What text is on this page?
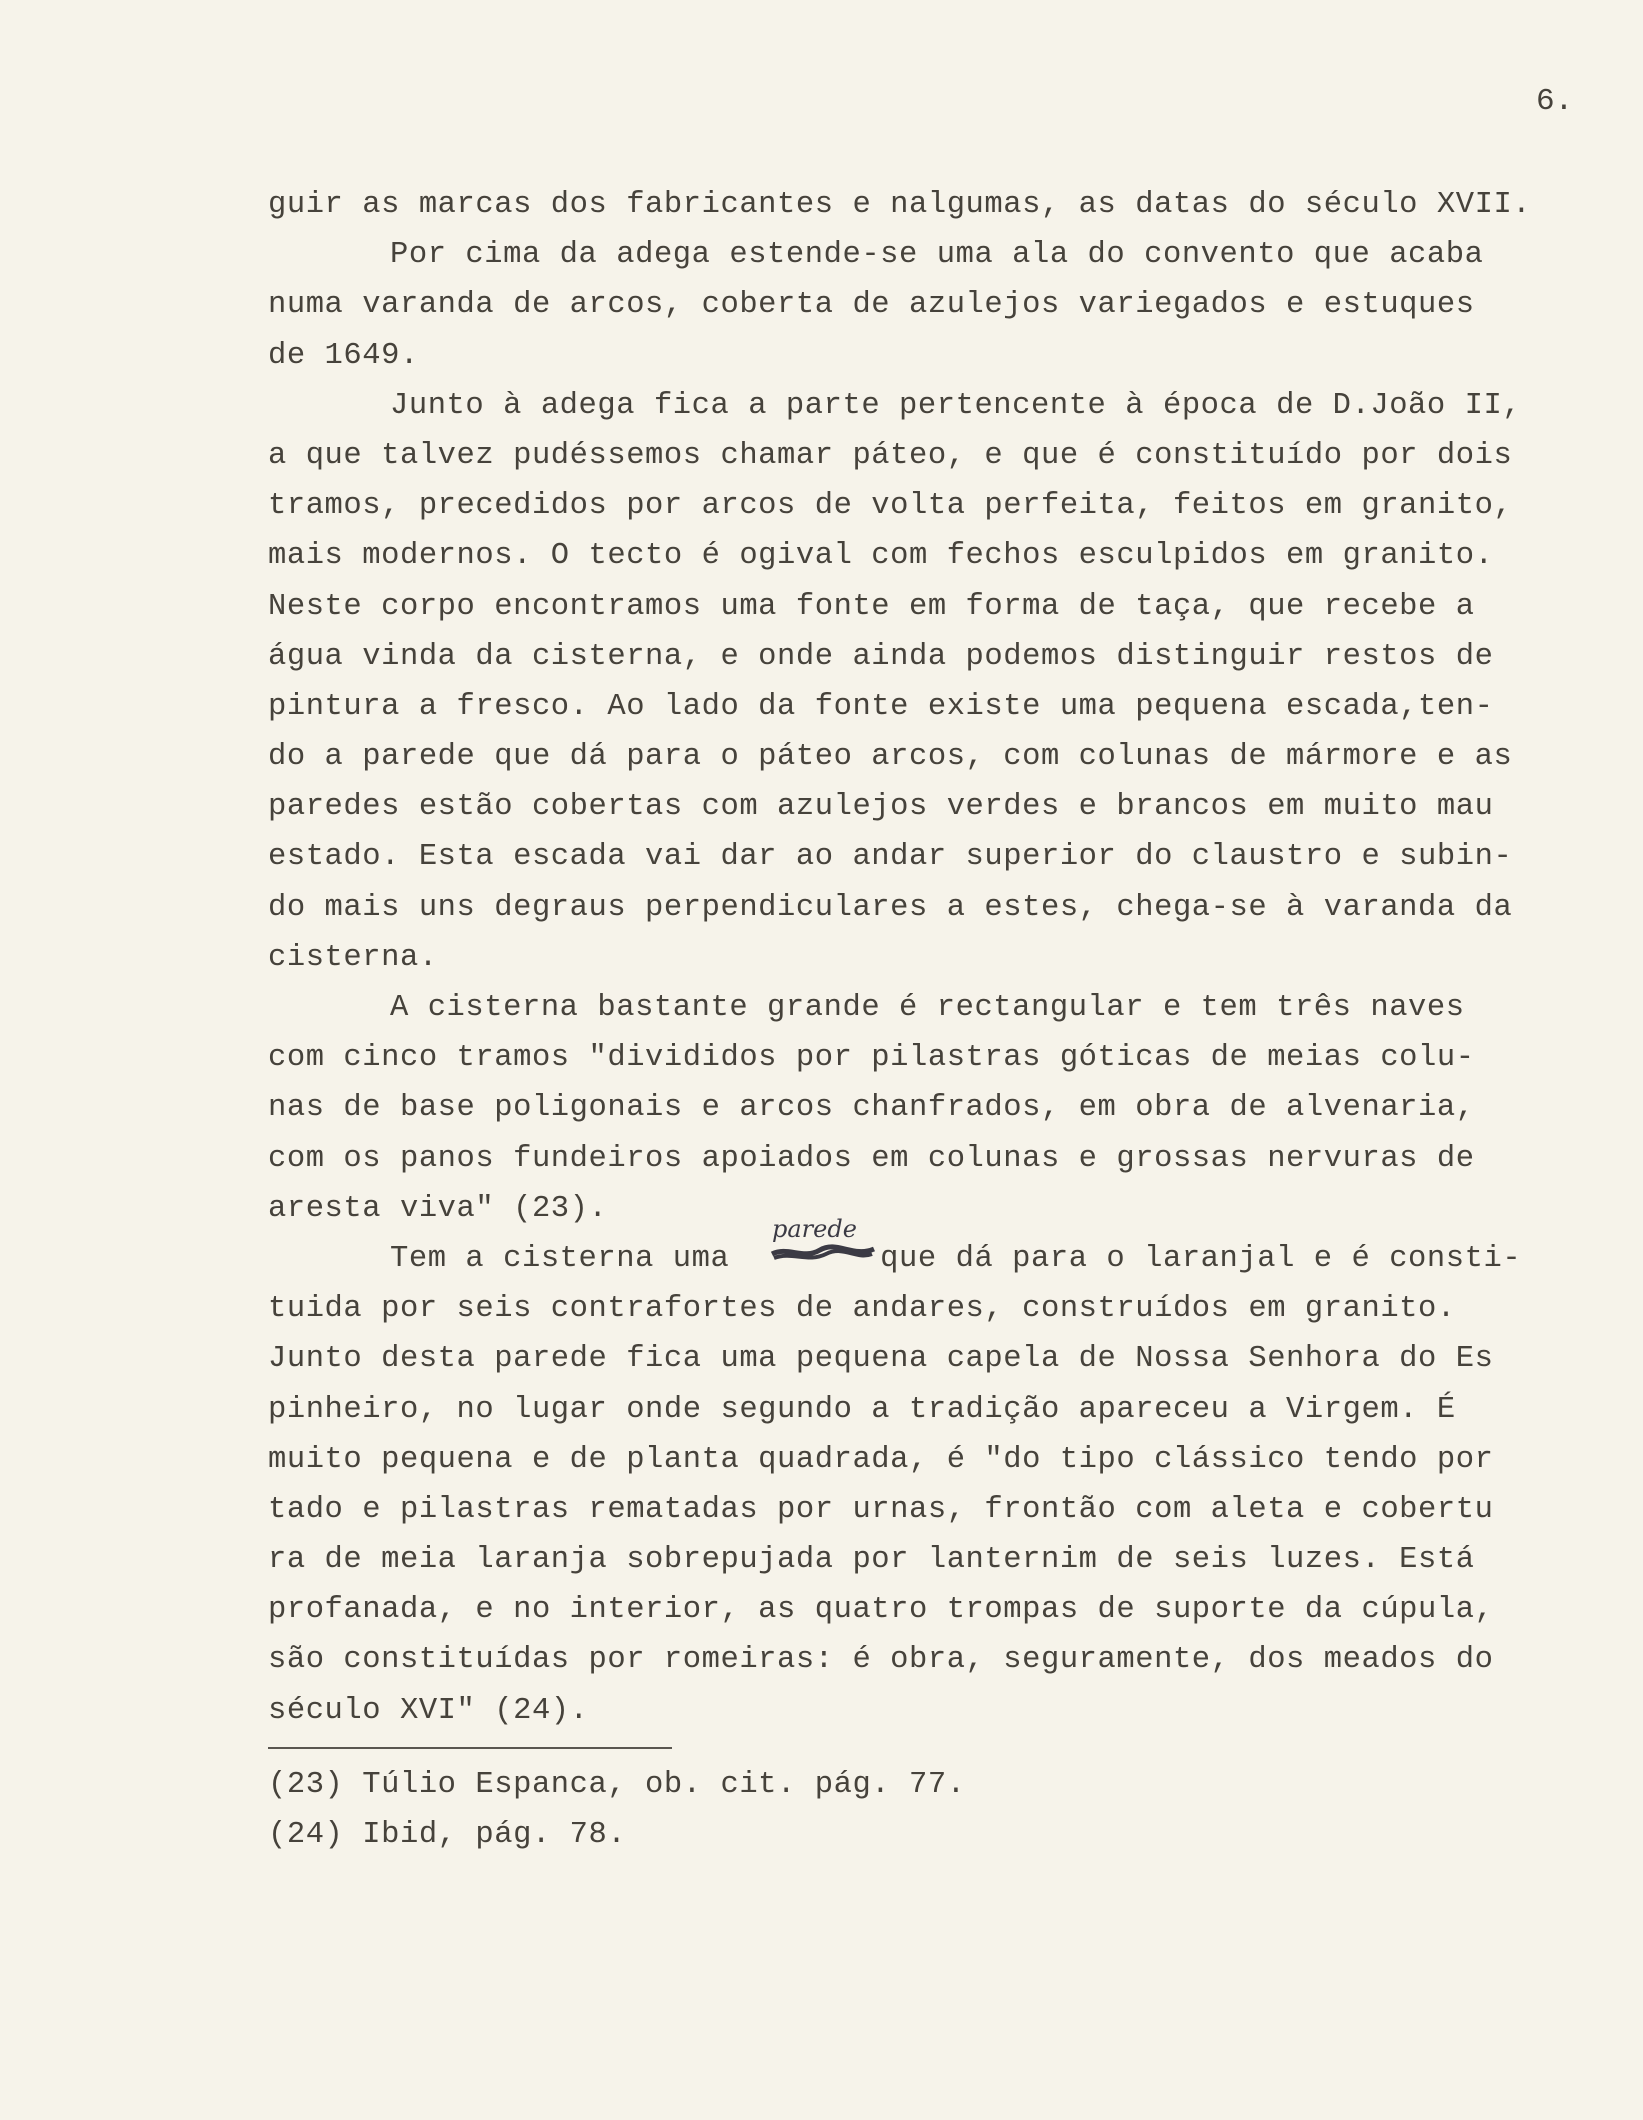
6.
guir as marcas dos fabricantes e nalgumas, as datas do século XVII.
Por cima da adega estende-se uma ala do convento que acaba
numa varanda de arcos, coberta de azulejos variegados e estuques
de 1649.
Junto à adega fica a parte pertencente à época de D.João II,
a que talvez pudéssemos chamar páteo, e que é constituído por dois
tramos, precedidos por arcos de volta perfeita, feitos em granito,
mais modernos. O tecto é ogival com fechos esculpidos em granito.
Neste corpo encontramos uma fonte em forma de taça, que recebe a
água vinda da cisterna, e onde ainda podemos distinguir restos de
pintura a fresco. Ao lado da fonte existe uma pequena escada,ten-
do a parede que dá para o páteo arcos, com colunas de mármore e as
paredes estão cobertas com azulejos verdes e brancos em muito mau
estado. Esta escada vai dar ao andar superior do claustro e subin-
do mais uns degraus perpendiculares a estes, chega-se à varanda da
cisterna.
A cisterna bastante grande é rectangular e tem três naves
com cinco tramos "divididos por pilastras góticas de meias colu-
nas de base poligonais e arcos chanfrados, em obra de alvenaria,
com os panos fundeiros apoiados em colunas e grossas nervuras de
aresta viva" (23).
Tem a cisterna uma        que dá para o laranjal e é consti-
tuida por seis contrafortes de andares, construídos em granito.
Junto desta parede fica uma pequena capela de Nossa Senhora do Es
pinheiro, no lugar onde segundo a tradição apareceu a Virgem. É
muito pequena e de planta quadrada, é "do tipo clássico tendo por
tado e pilastras rematadas por urnas, frontão com aleta e cobertu
ra de meia laranja sobrepujada por lanternim de seis luzes. Está
profanada, e no interior, as quatro trompas de suporte da cúpula,
são constituídas por romeiras: é obra, seguramente, dos meados do
século XVI" (24).
parede
(23) Túlio Espanca, ob. cit. pág. 77.
(24) Ibid, pág. 78.
